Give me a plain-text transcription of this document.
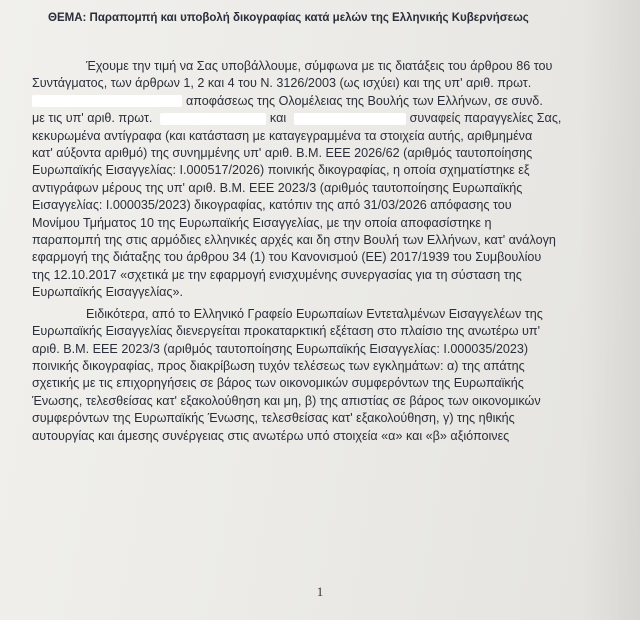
ΘΕΜΑ: Παραπομπή και υποβολή δικογραφίας κατά μελών της Ελληνικής Κυβερνήσεως
Έχουμε την τιμή να Σας υποβάλλουμε, σύμφωνα με τις διατάξεις του άρθρου 86 του
Συντάγματος, των άρθρων 1, 2 και 4 του Ν. 3126/2003 (ως ισχύει) και της υπ' αριθ. πρωτ.
αποφάσεως της Ολομέλειας της Βουλής των Ελλήνων, σε συνδ.
με τις υπ' αριθ. πρωτ.	και	συναφείς παραγγελίες Σας,
κεκυρωμένα αντίγραφα (και κατάσταση με καταγεγραμμένα τα στοιχεία αυτής, αριθμημένα
κατ' αύξοντα αριθμό) της συνημμένης υπ' αριθ. Β.Μ. ΕΕΕ 2026/62 (αριθμός ταυτοποίησης
Ευρωπαϊκής Εισαγγελίας: Ι.000517/2026) ποινικής δικογραφίας, η οποία σχηματίστηκε εξ
αντιγράφων μέρους της υπ' αριθ. Β.Μ. ΕΕΕ 2023/3 (αριθμός ταυτοποίησης Ευρωπαϊκής
Εισαγγελίας: Ι.000035/2023) δικογραφίας, κατόπιν της από 31/03/2026 απόφασης του
Μονίμου Τμήματος 10 της Ευρωπαϊκής Εισαγγελίας, με την οποία αποφασίστηκε η
παραπομπή της στις αρμόδιες ελληνικές αρχές και δη στην Βουλή των Ελλήνων, κατ' ανάλογη
εφαρμογή της διάταξης του άρθρου 34 (1) του Κανονισμού (ΕΕ) 2017/1939 του Συμβουλίου
της 12.10.2017 «σχετικά με την εφαρμογή ενισχυμένης συνεργασίας για τη σύσταση της
Ευρωπαϊκής Εισαγγελίας».
Ειδικότερα, από το Ελληνικό Γραφείο Ευρωπαίων Εντεταλμένων Εισαγγελέων της
Ευρωπαϊκής Εισαγγελίας διενεργείται προκαταρκτική εξέταση στο πλαίσιο της ανωτέρω υπ'
αριθ. Β.Μ. ΕΕΕ 2023/3 (αριθμός ταυτοποίησης Ευρωπαϊκής Εισαγγελίας: Ι.000035/2023)
ποινικής δικογραφίας, προς διακρίβωση τυχόν τελέσεως των εγκλημάτων: α) της απάτης
σχετικής με τις επιχορηγήσεις σε βάρος των οικονομικών συμφερόντων της Ευρωπαϊκής
Ένωσης, τελεσθείσας κατ' εξακολούθηση και μη, β) της απιστίας σε βάρος των οικονομικών
συμφερόντων της Ευρωπαϊκής Ένωσης, τελεσθείσας κατ' εξακολούθηση, γ) της ηθικής
αυτουργίας και άμεσης συνέργειας στις ανωτέρω υπό στοιχεία «α» και «β» αξιόποινες
1
